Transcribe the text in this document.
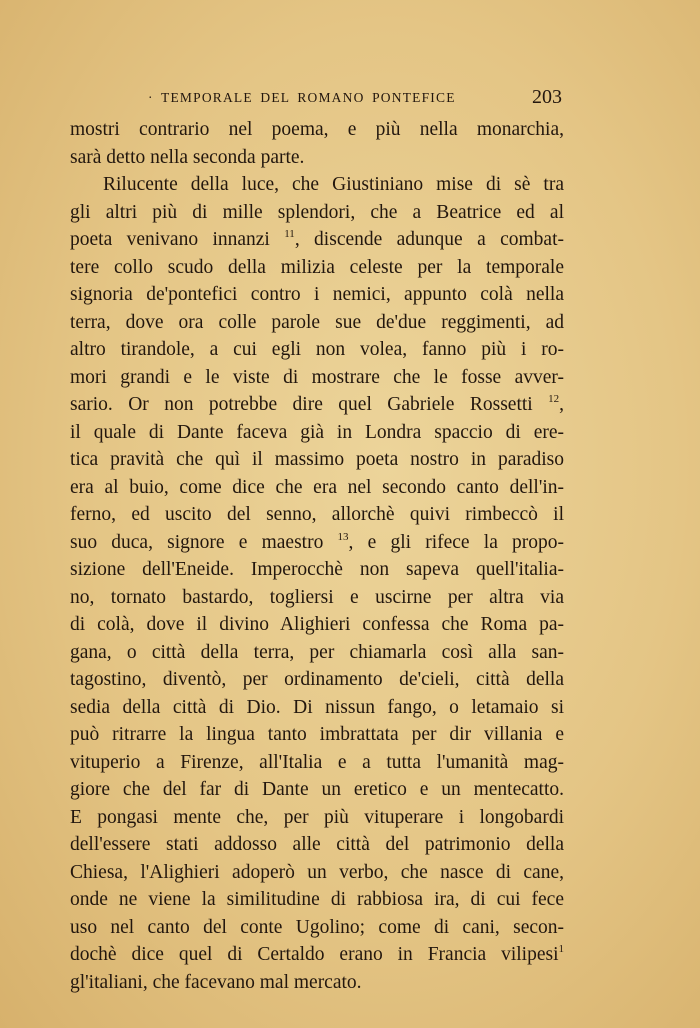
· TEMPORALE DEL ROMANO PONTEFICE	203
mostri contrario nel poema, e più nella monarchia,
sarà detto nella seconda parte.
Rilucente della luce, che Giustiniano mise di sè tra
gli altri più di mille splendori, che a Beatrice ed al
poeta venivano innanzi $^{11}$, discende adunque a combat-
tere collo scudo della milizia celeste per la temporale
signoria de'pontefici contro i nemici, appunto colà nella
terra, dove ora colle parole sue de'due reggimenti, ad
altro tirandole, a cui egli non volea, fanno più i ro-
mori grandi e le viste di mostrare che le fosse avver-
sario. Or non potrebbe dire quel Gabriele Rossetti $^{12}$,
il quale di Dante faceva già in Londra spaccio di ere-
tica pravità che quì il massimo poeta nostro in paradiso
era al buio, come dice che era nel secondo canto dell'in-
ferno, ed uscito del senno, allorchè quivi rimbeccò il
suo duca, signore e maestro $^{13}$, e gli rifece la propo-
sizione dell'Eneide. Imperocchè non sapeva quell'italia-
no, tornato bastardo, togliersi e uscirne per altra via
di colà, dove il divino Alighieri confessa che Roma pa-
gana, o città della terra, per chiamarla così alla san-
tagostino, diventò, per ordinamento de'cieli, città della
sedia della città di Dio. Di nissun fango, o letamaio si
può ritrarre la lingua tanto imbrattata per dir villania e
vituperio a Firenze, all'Italia e a tutta l'umanità mag-
giore che del far di Dante un eretico e un mentecatto.
E pongasi mente che, per più vituperare i longobardi
dell'essere stati addosso alle città del patrimonio della
Chiesa, l'Alighieri adoperò un verbo, che nasce di cane,
onde ne viene la similitudine di rabbiosa ira, di cui fece
uso nel canto del conte Ugolino; come di cani, secon-
dochè dice quel di Certaldo erano in Francia vilipesi$^1$
gl'italiani, che facevano mal mercato.
